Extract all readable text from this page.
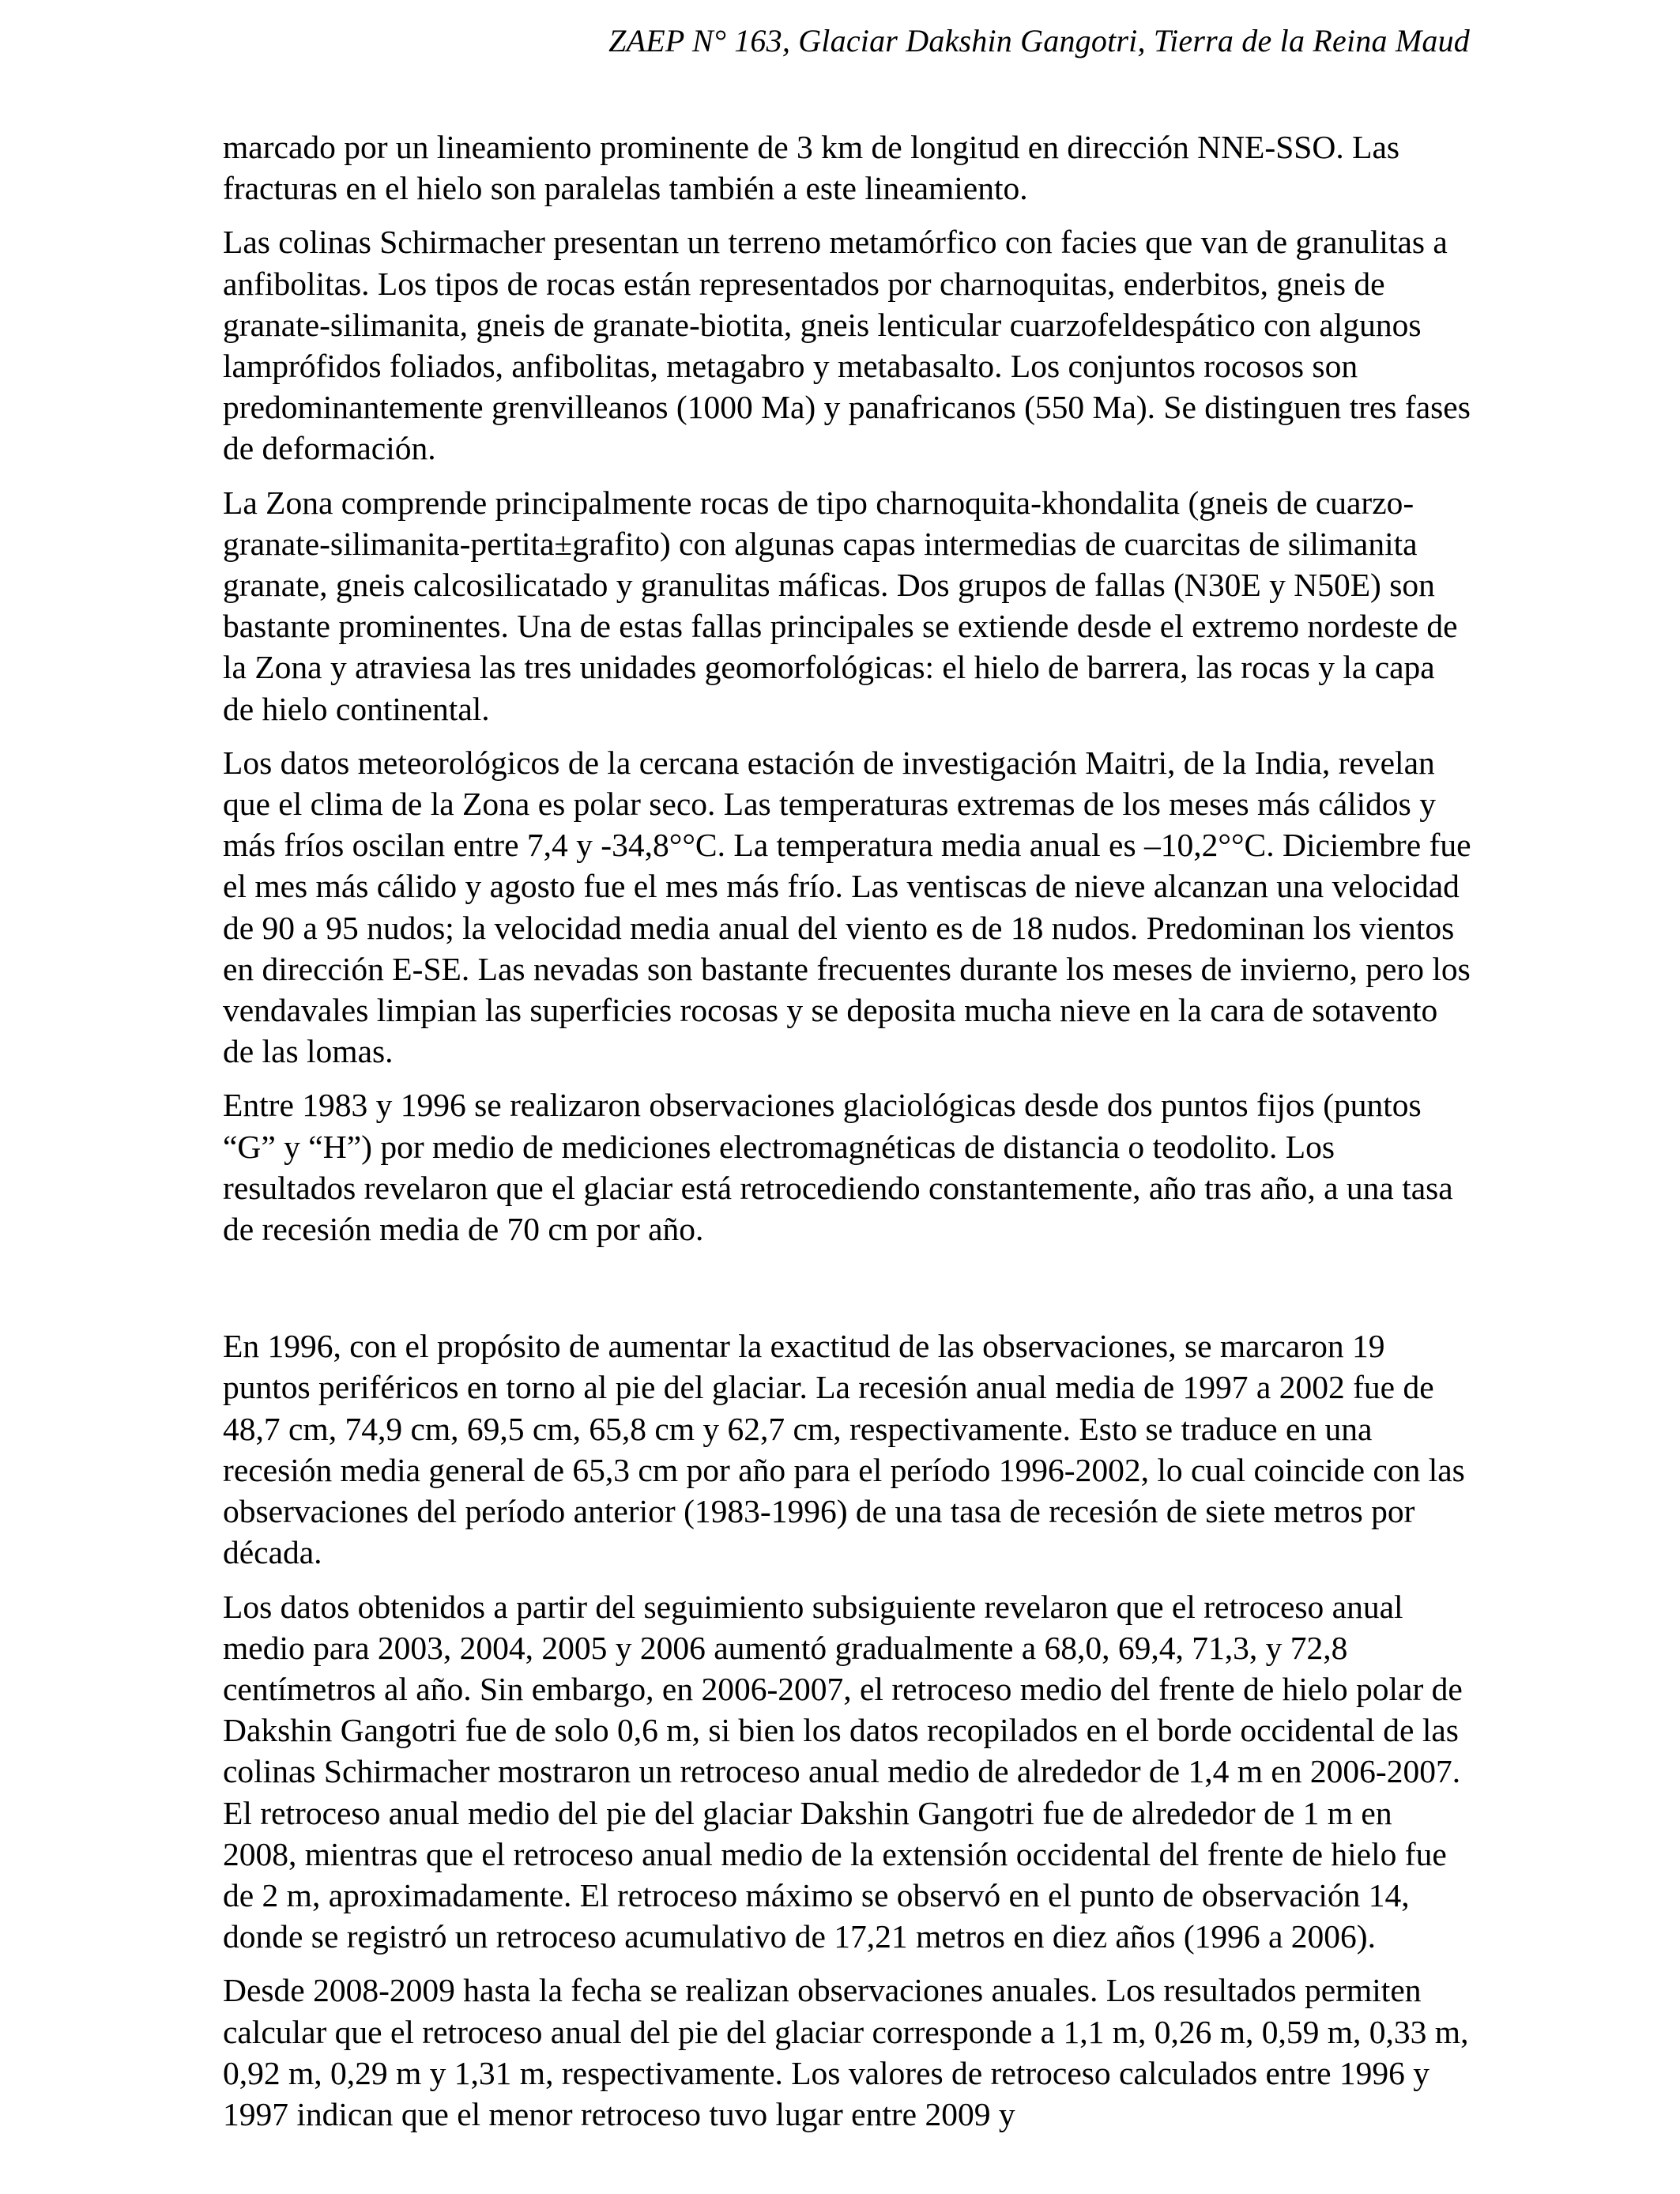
ZAEP N° 163, Glaciar Dakshin Gangotri, Tierra de la Reina Maud

marcado por un lineamiento prominente de 3 km de longitud en dirección NNE-SSO. Las fracturas en el hielo son paralelas también a este lineamiento.

Las colinas Schirmacher presentan un terreno metamórfico con facies que van de granulitas a anfibolitas. Los tipos de rocas están representados por charnoquitas, enderbitos, gneis de granate-silimanita, gneis de granate-biotita, gneis lenticular cuarzofeldespático con algunos lamprófidos foliados, anfibolitas, metagabro y metabasalto. Los conjuntos rocosos son predominantemente grenvilleanos (1000 Ma) y panafricanos (550 Ma). Se distinguen tres fases de deformación.

La Zona comprende principalmente rocas de tipo charnoquita-khondalita (gneis de cuarzo-granate-silimanita-pertita±grafito) con algunas capas intermedias de cuarcitas de silimanita granate, gneis calcosilicatado y granulitas máficas. Dos grupos de fallas (N30E y N50E) son bastante prominentes. Una de estas fallas principales se extiende desde el extremo nordeste de la Zona y atraviesa las tres unidades geomorfológicas: el hielo de barrera, las rocas y la capa de hielo continental.

Los datos meteorológicos de la cercana estación de investigación Maitri, de la India, revelan que el clima de la Zona es polar seco. Las temperaturas extremas de los meses más cálidos y más fríos oscilan entre 7,4 y -34,8°°C. La temperatura media anual es –10,2°°C. Diciembre fue el mes más cálido y agosto fue el mes más frío. Las ventiscas de nieve alcanzan una velocidad de 90 a 95 nudos; la velocidad media anual del viento es de 18 nudos. Predominan los vientos en dirección E-SE. Las nevadas son bastante frecuentes durante los meses de invierno, pero los vendavales limpian las superficies rocosas y se deposita mucha nieve en la cara de sotavento de las lomas.

Entre 1983 y 1996 se realizaron observaciones glaciológicas desde dos puntos fijos (puntos “G” y “H”) por medio de mediciones electromagnéticas de distancia o teodolito. Los resultados revelaron que el glaciar está retrocediendo constantemente, año tras año, a una tasa de recesión media de 70 cm por año.

En 1996, con el propósito de aumentar la exactitud de las observaciones, se marcaron 19 puntos periféricos en torno al pie del glaciar. La recesión anual media de 1997 a 2002 fue de 48,7 cm, 74,9 cm, 69,5 cm, 65,8 cm y 62,7 cm, respectivamente. Esto se traduce en una recesión media general de 65,3 cm por año para el período 1996-2002, lo cual coincide con las observaciones del período anterior (1983-1996) de una tasa de recesión de siete metros por década.

Los datos obtenidos a partir del seguimiento subsiguiente revelaron que el retroceso anual medio para 2003, 2004, 2005 y 2006 aumentó gradualmente a 68,0, 69,4, 71,3, y 72,8 centímetros al año. Sin embargo, en 2006-2007, el retroceso medio del frente de hielo polar de Dakshin Gangotri fue de solo 0,6 m, si bien los datos recopilados en el borde occidental de las colinas Schirmacher mostraron un retroceso anual medio de alrededor de 1,4 m en 2006-2007. El retroceso anual medio del pie del glaciar Dakshin Gangotri fue de alrededor de 1 m en 2008, mientras que el retroceso anual medio de la extensión occidental del frente de hielo fue de 2 m, aproximadamente. El retroceso máximo se observó en el punto de observación 14, donde se registró un retroceso acumulativo de 17,21 metros en diez años (1996 a 2006).

Desde 2008-2009 hasta la fecha se realizan observaciones anuales. Los resultados permiten calcular que el retroceso anual del pie del glaciar corresponde a 1,1 m, 0,26 m, 0,59 m, 0,33 m, 0,92 m, 0,29 m y 1,31 m, respectivamente. Los valores de retroceso calculados entre 1996 y 1997 indican que el menor retroceso tuvo lugar entre 2009 y
